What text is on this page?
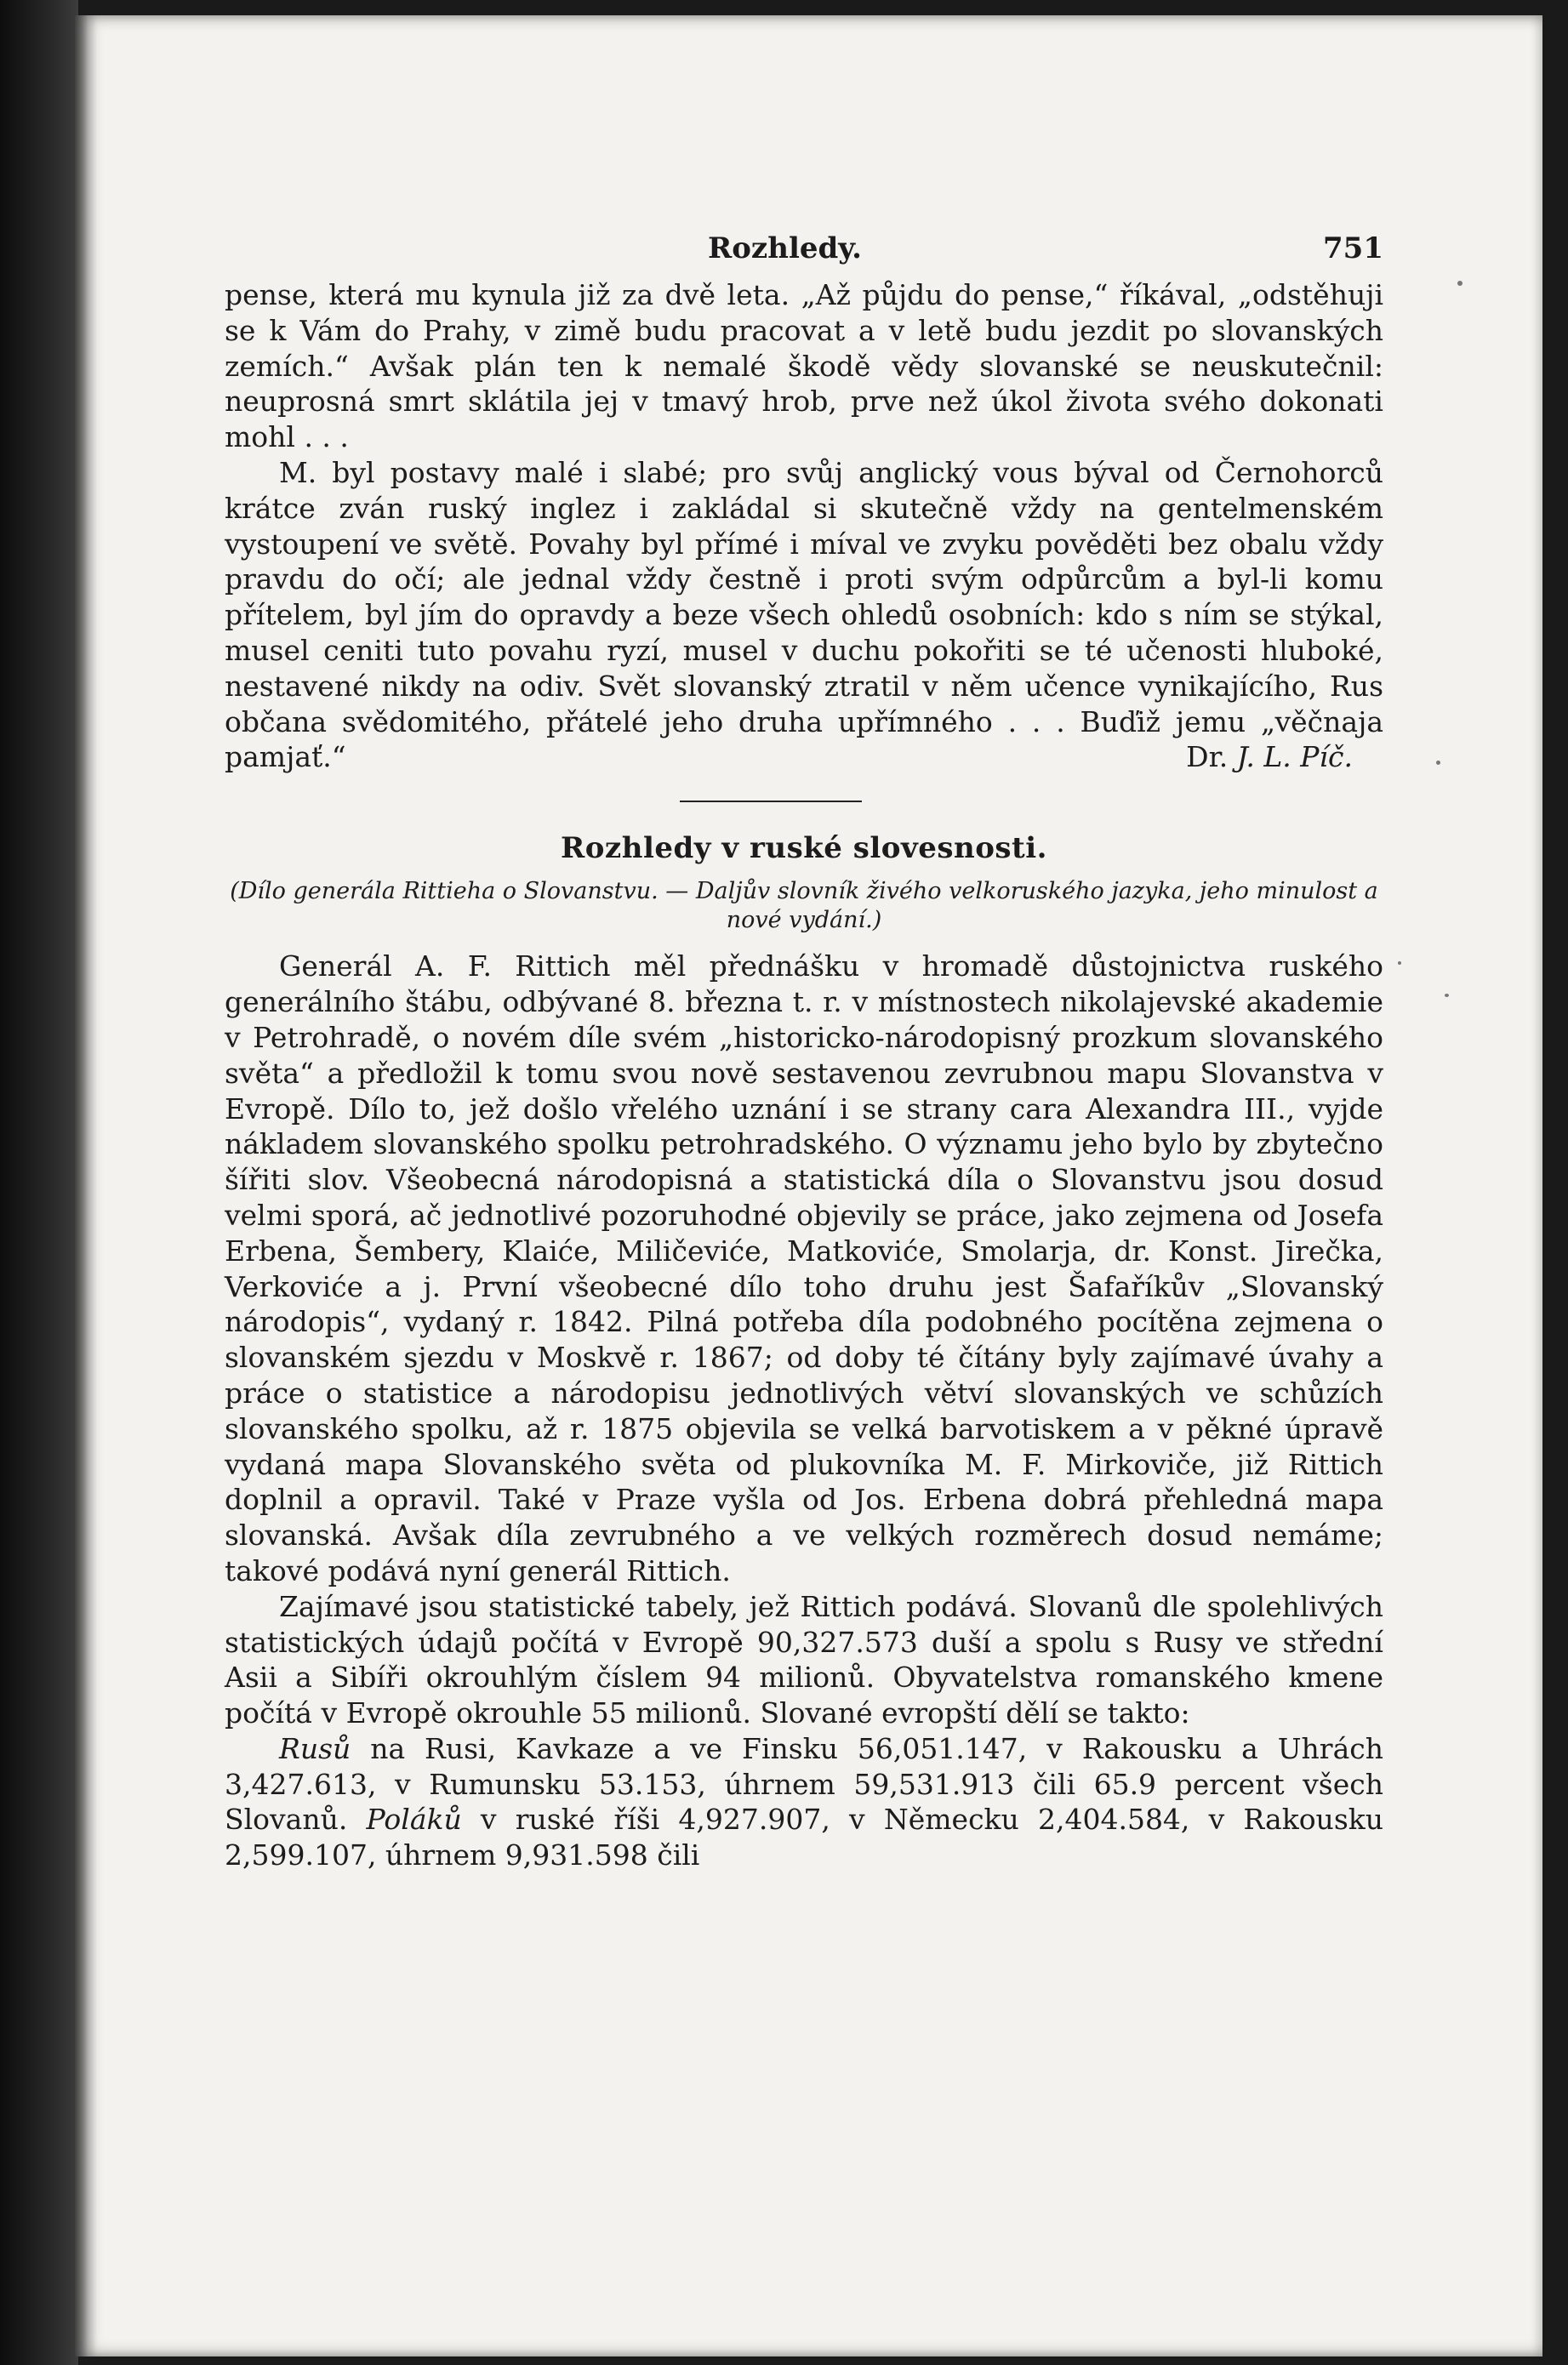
Rozhledy.	751

pense, která mu kynula již za dvě leta. „Až půjdu do pense,“ říkával, „odstěhuji se k Vám do Prahy, v zimě budu pracovat a v letě budu jezdit po slovanských zemích.“ Avšak plán ten k nemalé škodě vědy slovanské se neuskutečnil: neuprosná smrt sklátila jej v tmavý hrob, prve než úkol života svého dokonati mohl . . .

M. byl postavy malé i slabé; pro svůj anglický vous býval od Černohorců krátce zván ruský inglez i zakládal si skutečně vždy na gentelmenském vystoupení ve světě. Povahy byl přímé i míval ve zvyku pověděti bez obalu vždy pravdu do očí; ale jednal vždy čestně i proti svým odpůrcům a byl-li komu přítelem, byl jím do opravdy a beze všech ohledů osobních: kdo s ním se stýkal, musel ceniti tuto povahu ryzí, musel v duchu pokořiti se té učenosti hluboké, nestavené nikdy na odiv. Svět slovanský ztratil v něm učence vynikajícího, Rus občana svědomitého, přátelé jeho druha upřímného . . . Buďiž jemu „věčnaja

pamjať.“	Dr. J. L. Píč.
Rozhledy v ruské slovesnosti.
(Dílo generála Rittieha o Slovanstvu. — Daljův slovník živého velkoruského jazyka, jeho minulost a nové vydání.)

Generál A. F. Rittich měl přednášku v hromadě důstojnictva ruského generálního štábu, odbývané 8. března t. r. v místnostech nikolajevské akademie v Petrohradě, o novém díle svém „historicko-národopisný prozkum slovanského světa“ a předložil k tomu svou nově sestavenou zevrubnou mapu Slovanstva v Evropě. Dílo to, jež došlo vřelého uznání i se strany cara Alexandra III., vyjde nákladem slovanského spolku petrohradského. O významu jeho bylo by zbytečno šířiti slov. Všeobecná národopisná a statistická díla o Slovanstvu jsou dosud velmi sporá, ač jednotlivé pozoruhodné objevily se práce, jako zejmena od Josefa Erbena, Šembery, Klaiće, Miličeviće, Matkoviće, Smolarja, dr. Konst. Jirečka, Verkoviće a j. První všeobecné dílo toho druhu jest Šafaříkův „Slovanský národopis“, vydaný r. 1842. Pilná potřeba díla podobného pocítěna zejmena o slovanském sjezdu v Moskvě r. 1867; od doby té čítány byly zajímavé úvahy a práce o statistice a národopisu jednotlivých větví slovanských ve schůzích slovanského spolku, až r. 1875 objevila se velká barvotiskem a v pěkné úpravě vydaná mapa Slovanského světa od plukovníka M. F. Mirkoviče, již Rittich doplnil a opravil. Také v Praze vyšla od Jos. Erbena dobrá přehledná mapa slovanská. Avšak díla zevrubného a ve velkých rozměrech dosud nemáme; takové podává nyní generál Rittich.

Zajímavé jsou statistické tabely, jež Rittich podává. Slovanů dle spolehlivých statistických údajů počítá v Evropě 90,327.573 duší a spolu s Rusy ve střední Asii a Sibíři okrouhlým číslem 94 milionů. Obyvatelstva romanského kmene počítá v Evropě okrouhle 55 milionů. Slované evropští dělí se takto:

Rusů na Rusi, Kavkaze a ve Finsku 56,051.147, v Rakousku a Uhrách 3,427.613, v Rumunsku 53.153, úhrnem 59,531.913 čili 65.9 percent všech Slovanů. Poláků v ruské říši 4,927.907, v Německu 2,404.584, v Rakousku 2,599.107, úhrnem 9,931.598 čili
